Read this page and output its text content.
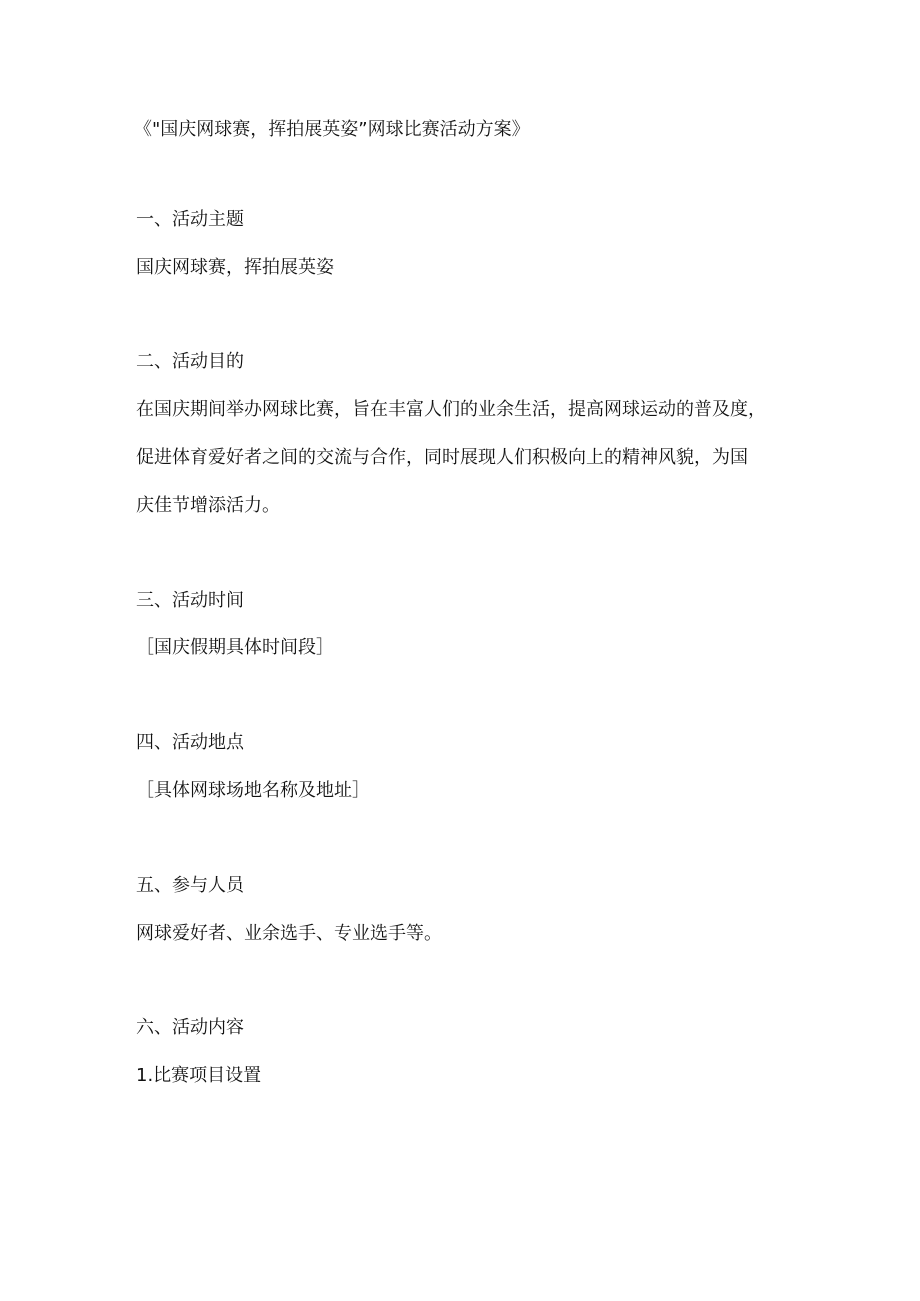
《"国庆网球赛，挥拍展英姿”网球比赛活动方案》
一、活动主题

国庆网球赛，挥拍展英姿

二、活动目的

在国庆期间举办网球比赛，旨在丰富人们的业余生活，提高网球运动的普及度，

促进体育爱好者之间的交流与合作，同时展现人们积极向上的精神风貌，为国

庆佳节增添活力。

三、活动时间

［国庆假期具体时间段］

四、活动地点

［具体网球场地名称及地址］

五、参与人员

网球爱好者、业余选手、专业选手等。

六、活动内容

1.比赛项目设置
